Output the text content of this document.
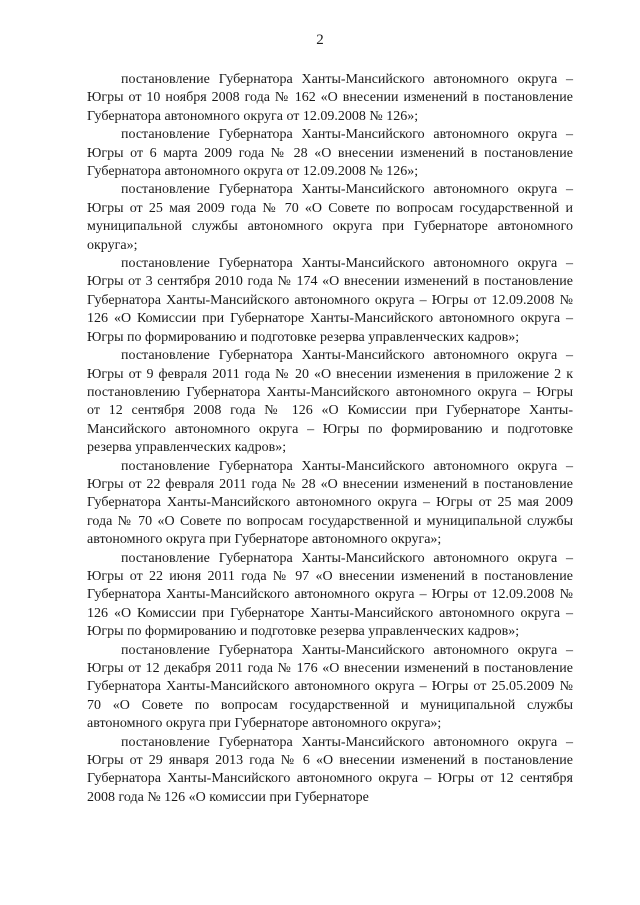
2

постановление Губернатора Ханты-Мансийского автономного округа – Югры от 10 ноября 2008 года № 162 «О внесении изменений в постановление Губернатора автономного округа от 12.09.2008 № 126»;

постановление Губернатора Ханты-Мансийского автономного округа – Югры от 6 марта 2009 года № 28 «О внесении изменений в постановление Губернатора автономного округа от 12.09.2008 № 126»;

постановление Губернатора Ханты-Мансийского автономного округа – Югры от 25 мая 2009 года № 70 «О Совете по вопросам государственной и муниципальной службы автономного округа при Губернаторе автономного округа»;

постановление Губернатора Ханты-Мансийского автономного округа – Югры от 3 сентября 2010 года № 174 «О внесении изменений в постановление Губернатора Ханты-Мансийского автономного округа – Югры от 12.09.2008 № 126 «О Комиссии при Губернаторе Ханты-Мансийского автономного округа – Югры по формированию и подготовке резерва управленческих кадров»;

постановление Губернатора Ханты-Мансийского автономного округа – Югры от 9 февраля 2011 года № 20 «О внесении изменения в приложение 2 к постановлению Губернатора Ханты-Мансийского автономного округа – Югры от 12 сентября 2008 года № 126 «О Комиссии при Губернаторе Ханты-Мансийского автономного округа – Югры по формированию и подготовке резерва управленческих кадров»;

постановление Губернатора Ханты-Мансийского автономного округа – Югры от 22 февраля 2011 года № 28 «О внесении изменений в постановление Губернатора Ханты-Мансийского автономного округа – Югры от 25 мая 2009 года № 70 «О Совете по вопросам государственной и муниципальной службы автономного округа при Губернаторе автономного округа»;

постановление Губернатора Ханты-Мансийского автономного округа – Югры от 22 июня 2011 года № 97 «О внесении изменений в постановление Губернатора Ханты-Мансийского автономного округа – Югры от 12.09.2008 № 126 «О Комиссии при Губернаторе Ханты-Мансийского автономного округа – Югры по формированию и подготовке резерва управленческих кадров»;

постановление Губернатора Ханты-Мансийского автономного округа – Югры от 12 декабря 2011 года № 176 «О внесении изменений в постановление Губернатора Ханты-Мансийского автономного округа – Югры от 25.05.2009 № 70 «О Совете по вопросам государственной и муниципальной службы автономного округа при Губернаторе автономного округа»;

постановление Губернатора Ханты-Мансийского автономного округа – Югры от 29 января 2013 года № 6 «О внесении изменений в постановление Губернатора Ханты-Мансийского автономного округа – Югры от 12 сентября 2008 года № 126 «О комиссии при Губернаторе
